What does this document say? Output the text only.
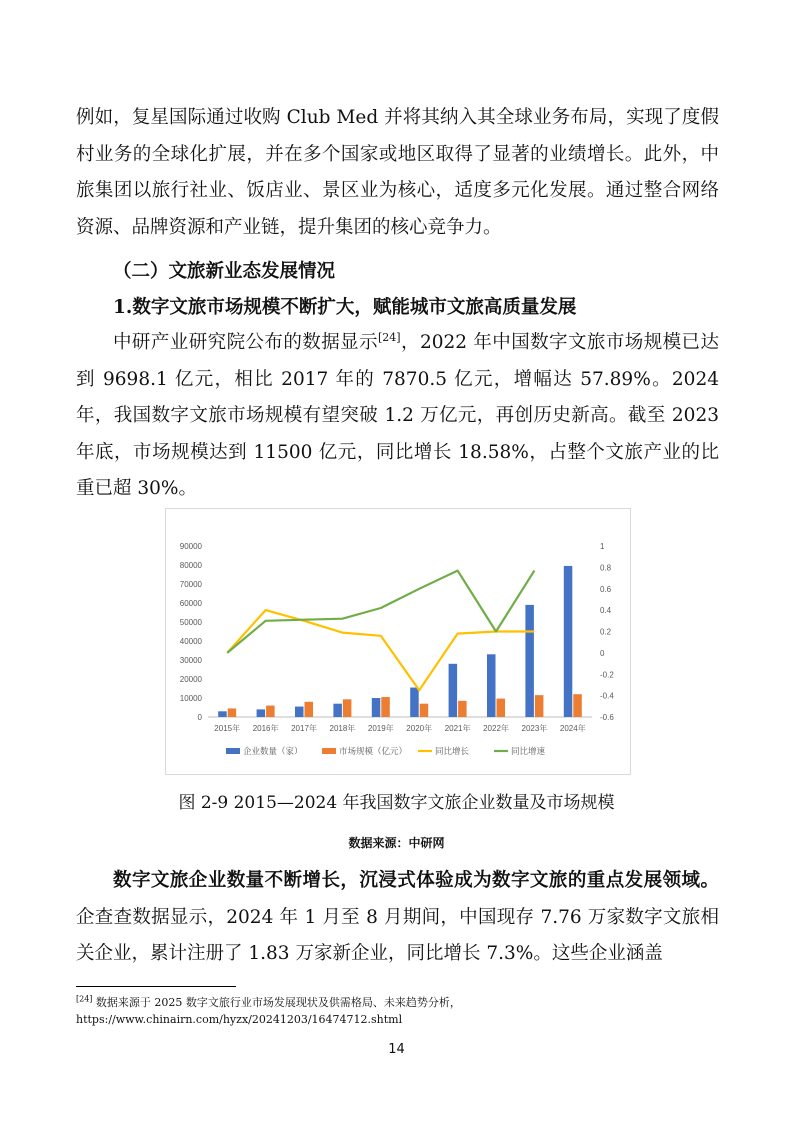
例如，复星国际通过收购 Club Med 并将其纳入其全球业务布局，实现了度假村业务的全球化扩展，并在多个国家或地区取得了显著的业绩增长。此外，中旅集团以旅行社业、饭店业、景区业为核心，适度多元化发展。通过整合网络资源、品牌资源和产业链，提升集团的核心竞争力。
（二）文旅新业态发展情况
1.数字文旅市场规模不断扩大，赋能城市文旅高质量发展
中研产业研究院公布的数据显示[24]，2022 年中国数字文旅市场规模已达到 9698.1 亿元，相比 2017 年的 7870.5 亿元，增幅达 57.89%。2024 年，我国数字文旅市场规模有望突破 1.2 万亿元，再创历史新高。截至 2023 年底，市场规模达到 11500 亿元，同比增长 18.58%，占整个文旅产业的比重已超 30%。
0
10000
20000
30000
40000
50000
60000
70000
80000
90000
-0.6
-0.4
-0.2
0
0.2
0.4
0.6
0.8
1
2015年 2016年 2017年 2018年 2019年 2020年 2021年 2022年 2023年 2024年
企业数量（家）	市场规模（亿元）	同比增长	同比增速
图 2-9 2015—2024 年我国数字文旅企业数量及市场规模
数据来源：中研网
数字文旅企业数量不断增长，沉浸式体验成为数字文旅的重点发展领域。企查查数据显示，2024 年 1 月至 8 月期间，中国现存 7.76 万家数字文旅相关企业，累计注册了 1.83 万家新企业，同比增长 7.3%。这些企业涵盖
[24] 数据来源于 2025 数字文旅行业市场发展现状及供需格局、未来趋势分析，https://www.chinairn.com/hyzx/20241203/16474712.shtml
14
